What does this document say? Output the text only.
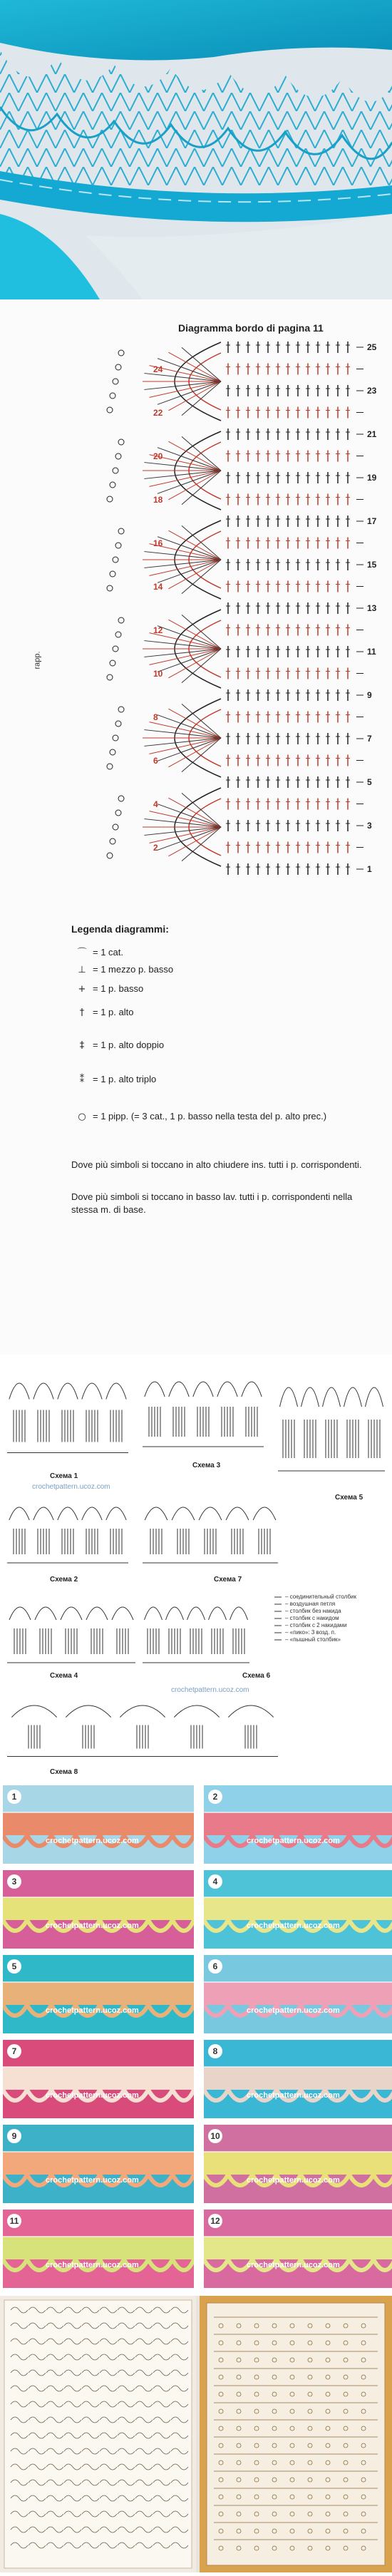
Diagramma bordo di pagina 11
rapp.
25
24
23
22
21
20
19
18
17
16
15
14
13
12
11
10
9
8
7
6
5
4
3
2
1
Legenda diagrammi:
⌒ = 1 cat.
⊥ = 1 mezzo p. basso
+ = 1 p. basso
† = 1 p. alto
‡ = 1 p. alto doppio
⁑ = 1 p. alto triplo
○ = 1 pipp. (= 3 cat., 1 p. basso nella testa del p. alto prec.)
Dove più simboli si toccano in alto chiudere ins. tutti i p. corrispondenti.
Dove più simboli si toccano in basso lav. tutti i p. corrispondenti nella stessa m. di base.
Схема 1
Схема 2
Схема 3
Схема 4
Схема 5
Схема 6
Схема 7
Схема 8
crochetpattern.ucoz.com
crochetpattern.ucoz.com
– соединительный столбик
– воздушная петля
– столбик без накида
– столбик с накидом
– столбик с 2 накидами
– «пико»: 3 возд. п.
– «пышный столбик»
1
crochetpattern.ucoz.com
2
crochetpattern.ucoz.com
3
crochetpattern.ucoz.com
4
crochetpattern.ucoz.com
5
crochetpattern.ucoz.com
6
crochetpattern.ucoz.com
7
crochetpattern.ucoz.com
8
crochetpattern.ucoz.com
9
crochetpattern.ucoz.com
10
crochetpattern.ucoz.com
11
crochetpattern.ucoz.com
12
crochetpattern.ucoz.com
